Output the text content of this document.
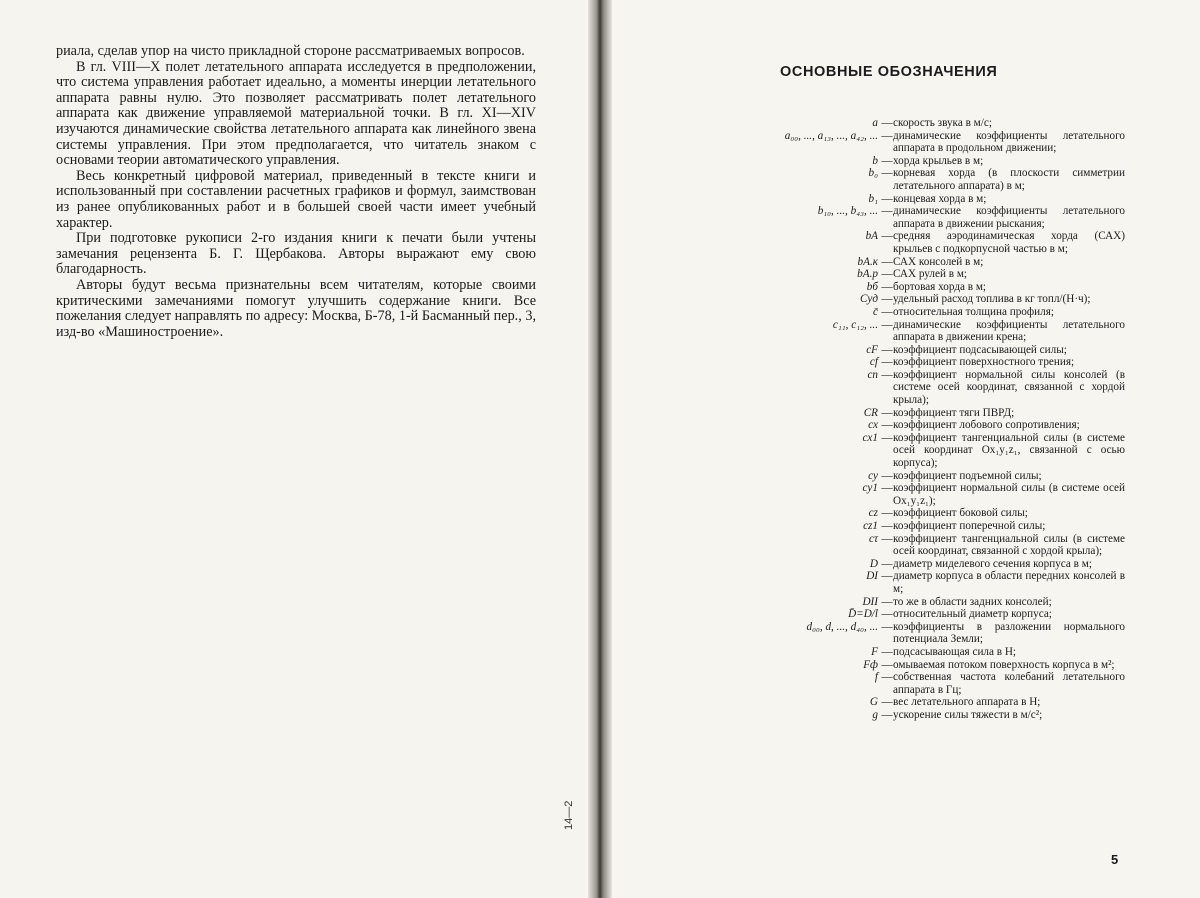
риала, сделав упор на чисто прикладной стороне рассматриваемых вопросов.

В гл. VIII—X полет летательного аппарата исследуется в предположении, что система управления работает идеально, а моменты инерции летательного аппарата равны нулю. Это позволяет рассматривать полет летательного аппарата как движение управляемой материальной точки. В гл. XI—XIV изучаются динамические свойства летательного аппарата как линейного звена системы управления. При этом предполагается, что читатель знаком с основами теории автоматического управления.

Весь конкретный цифровой материал, приведенный в тексте книги и использованный при составлении расчетных графиков и формул, заимствован из ранее опубликованных работ и в большей своей части имеет учебный характер.

При подготовке рукописи 2-го издания книги к печати были учтены замечания рецензента Б. Г. Щербакова. Авторы выражают ему свою благодарность.

Авторы будут весьма признательны всем читателям, которые своими критическими замечаниями помогут улучшить содержание книги. Все пожелания следует направлять по адресу: Москва, Б-78, 1-й Басманный пер., 3, изд-во «Машиностроение».

14—2
ОСНОВНЫЕ ОБОЗНАЧЕНИЯ
a — скорость звука в м/с;
a₀₀, ..., a₁₃, ..., a₄₂, ... — динамические коэффициенты летательного аппарата в продольном движении;
b — хорда крыльев в м;
b₀ — корневая хорда (в плоскости симметрии летательного аппарата) в м;
b₁ — концевая хорда в м;
b₁₀, ..., b₄₃, ... — динамические коэффициенты летательного аппарата в движении рыскания;
bА — средняя аэродинамическая хорда (САХ) крыльев с подкорпусной частью в м;
bА.к — САХ консолей в м;
bА.р — САХ рулей в м;
bб — бортовая хорда в м;
Cуд — удельный расход топлива в кг топл/(Н·ч);
c̄ — относительная толщина профиля;
c₁₁, c₁₂, ... — динамические коэффициенты летательного аппарата в движении крена;
cF — коэффициент подсасывающей силы;
cf — коэффициент поверхностного трения;
cn — коэффициент нормальной силы консолей (в системе осей координат, связанной с хордой крыла);
CR — коэффициент тяги ПВРД;
cx — коэффициент лобового сопротивления;
cx1 — коэффициент тангенциальной силы (в системе осей координат Ox₁y₁z₁, связанной с осью корпуса);
cy — коэффициент подъемной силы;
cy1 — коэффициент нормальной силы (в системе осей Ox₁y₁z₁);
cz — коэффициент боковой силы;
cz1 — коэффициент поперечной силы;
cτ — коэффициент тангенциальной силы (в системе осей координат, связанной с хордой крыла);
D — диаметр миделевого сечения корпуса в м;
DI — диаметр корпуса в области передних консолей в м;
DII — то же в области задних консолей;
D̄=D/l — относительный диаметр корпуса;
d₀₀, d, ..., d₄₀, ... — коэффициенты в разложении нормального потенциала Земли;
F — подсасывающая сила в Н;
Fф — омываемая потоком поверхность корпуса в м²;
f — собственная частота колебаний летательного аппарата в Гц;
G — вес летательного аппарата в Н;
g — ускорение силы тяжести в м/с²;
5
